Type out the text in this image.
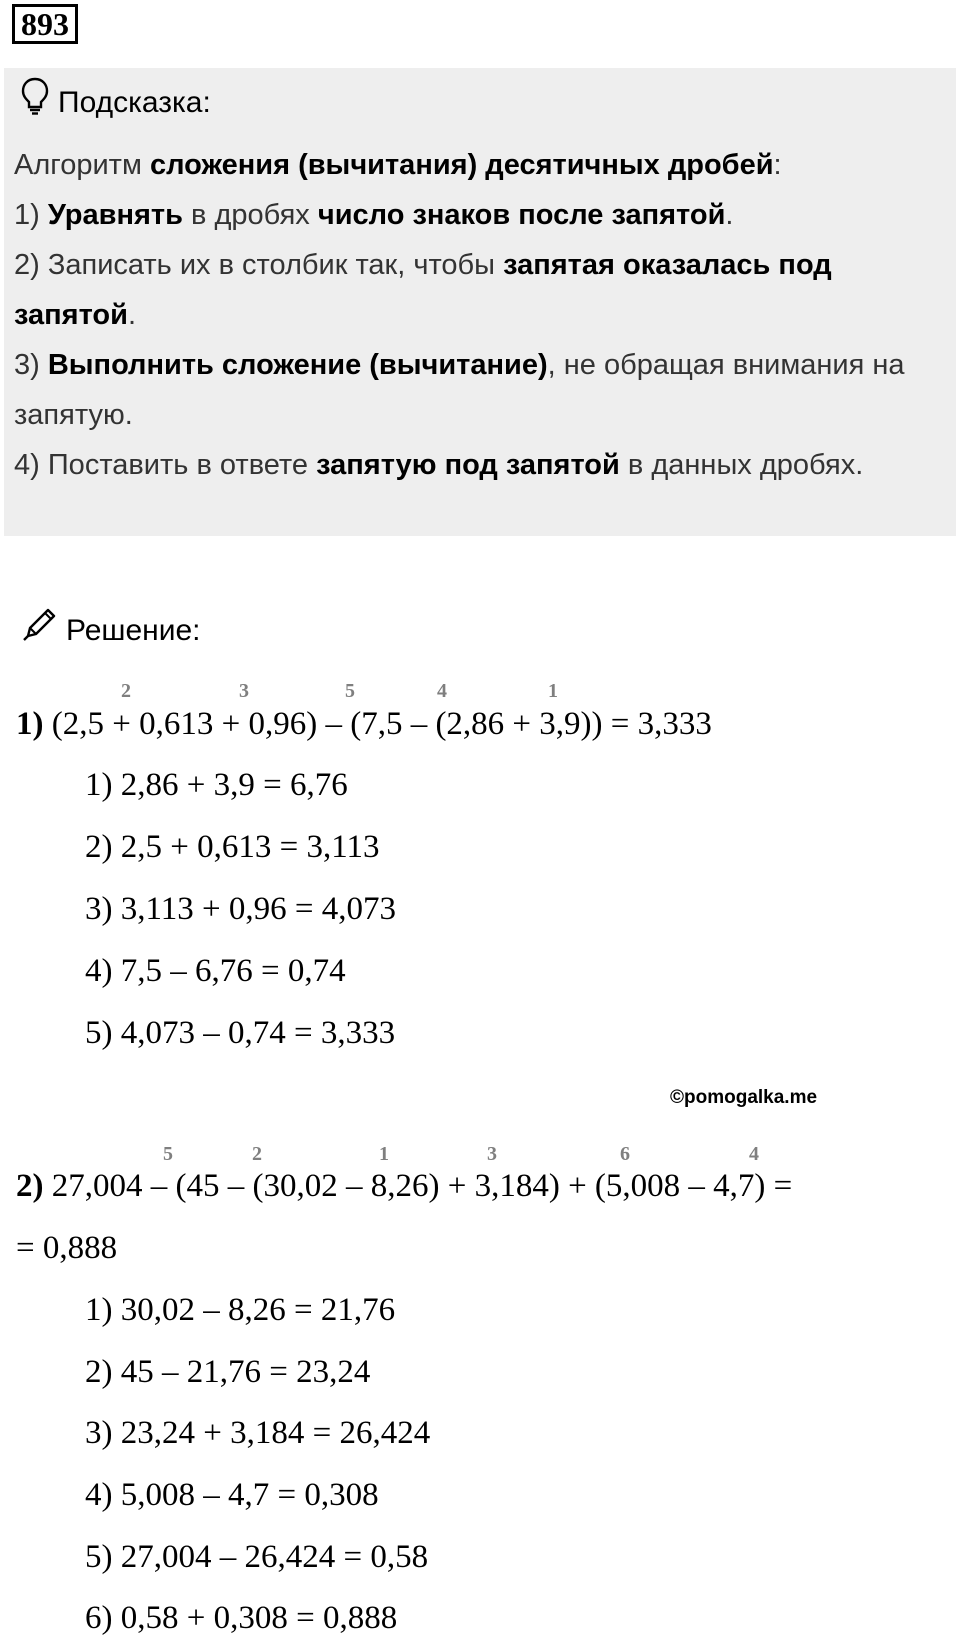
893
Подсказка:

Алгоритм сложения (вычитания) десятичных дробей:

1) Уравнять в дробях число знаков после запятой.

2) Записать их в столбик так, чтобы запятая оказалась под запятой.

3) Выполнить сложение (вычитание), не обращая внимания на запятую.

4) Поставить в ответе запятую под запятой в данных дробях.

Решение:
2	3	5	4	1
1) (2,5 + 0,613 + 0,96) – (7,5 – (2,86 + 3,9)) = 3,333
1) 2,86 + 3,9 = 6,76
2) 2,5 + 0,613 = 3,113
3) 3,113 + 0,96 = 4,073
4) 7,5 – 6,76 = 0,74
5) 4,073 – 0,74 = 3,333
©pomogalka.me
5	2	1	3	6	4
2) 27,004 – (45 – (30,02 – 8,26) + 3,184) + (5,008 – 4,7) =
= 0,888
1) 30,02 – 8,26 = 21,76
2) 45 – 21,76 = 23,24
3) 23,24 + 3,184 = 26,424
4) 5,008 – 4,7 = 0,308
5) 27,004 – 26,424 = 0,58
6) 0,58 + 0,308 = 0,888
